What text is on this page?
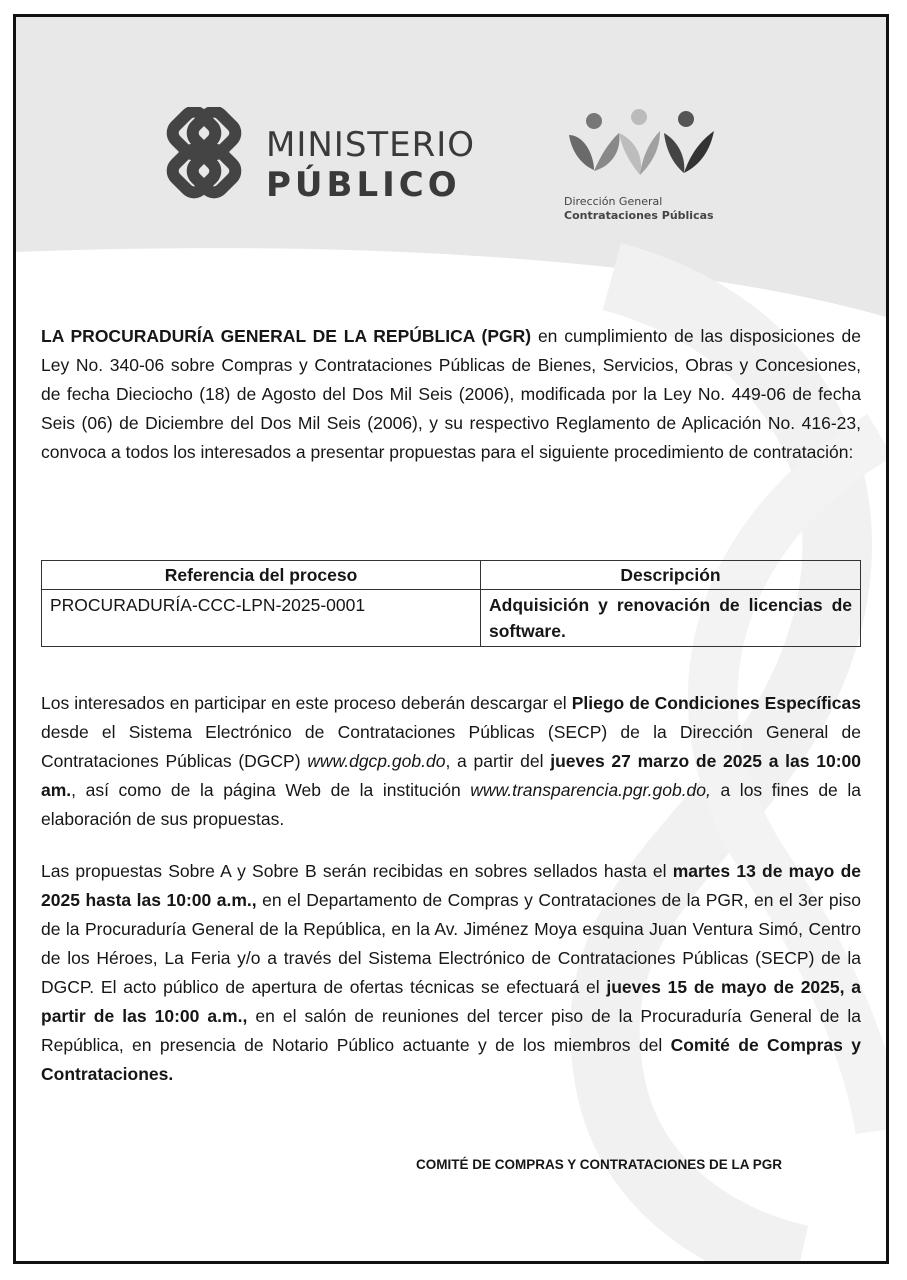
MINISTERIO
PÚBLICO	Dirección General
Contrataciones Públicas
LA PROCURADURÍA GENERAL DE LA REPÚBLICA (PGR) en cumplimiento de las disposiciones de Ley No. 340-06 sobre Compras y Contrataciones Públicas de Bienes, Servicios, Obras y Concesiones, de fecha Dieciocho (18) de Agosto del Dos Mil Seis (2006), modificada por la Ley No. 449-06 de fecha Seis (06) de Diciembre del Dos Mil Seis (2006), y su respectivo Reglamento de Aplicación No. 416-23, convoca a todos los interesados a presentar propuestas para el siguiente procedimiento de contratación:
Referencia del proceso	Descripción
PROCURADURÍA-CCC-LPN-2025-0001	Adquisición y renovación de licencias de software.
Los interesados en participar en este proceso deberán descargar el Pliego de Condiciones Específicas desde el Sistema Electrónico de Contrataciones Públicas (SECP) de la Dirección General de Contrataciones Públicas (DGCP) www.dgcp.gob.do, a partir del jueves 27 marzo de 2025 a las 10:00 am., así como de la página Web de la institución www.transparencia.pgr.gob.do, a los fines de la elaboración de sus propuestas.
Las propuestas Sobre A y Sobre B serán recibidas en sobres sellados hasta el martes 13 de mayo de 2025 hasta las 10:00 a.m., en el Departamento de Compras y Contrataciones de la PGR, en el 3er piso de la Procuraduría General de la República, en la Av. Jiménez Moya esquina Juan Ventura Simó, Centro de los Héroes, La Feria y/o a través del Sistema Electrónico de Contrataciones Públicas (SECP) de la DGCP. El acto público de apertura de ofertas técnicas se efectuará el jueves 15 de mayo de 2025, a partir de las 10:00 a.m., en el salón de reuniones del tercer piso de la Procuraduría General de la República, en presencia de Notario Público actuante y de los miembros del Comité de Compras y Contrataciones.
COMITÉ DE COMPRAS Y CONTRATACIONES DE LA PGR
